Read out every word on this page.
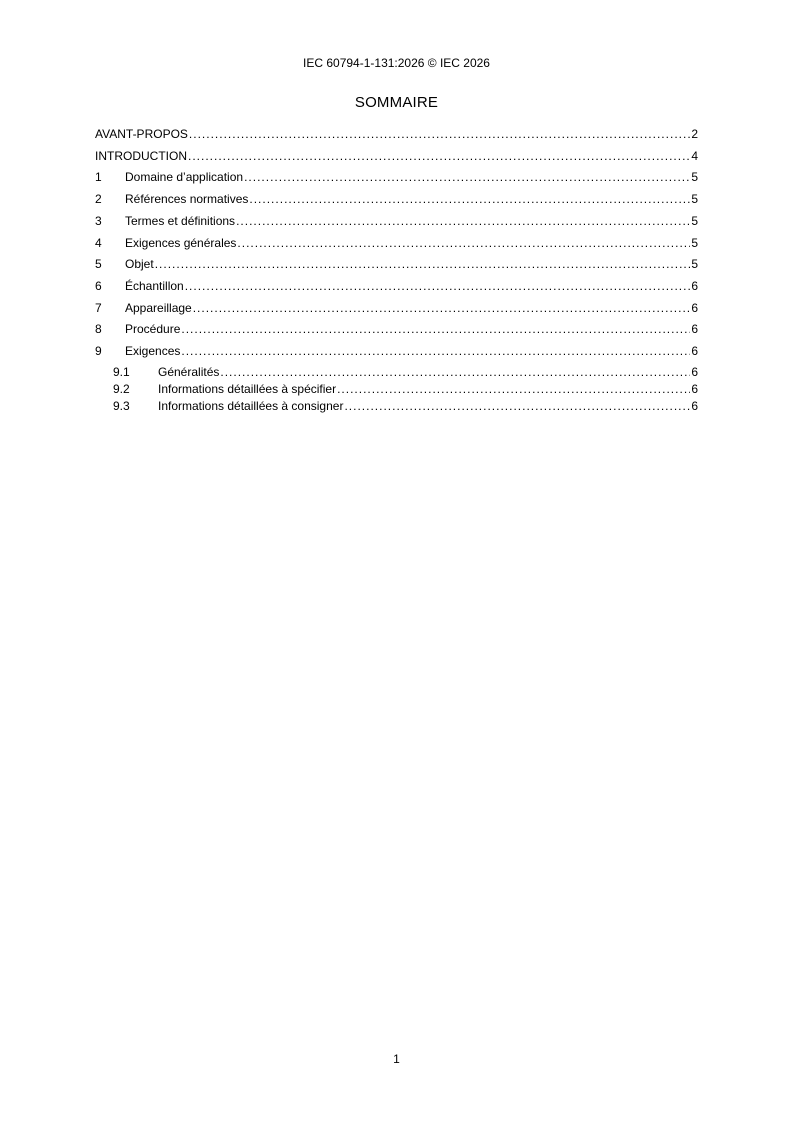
IEC 60794-1-131:2026 © IEC 2026
SOMMAIRE
AVANT-PROPOS .....	2
INTRODUCTION .....	4
1	Domaine d’application .....	5
2	Références normatives .....	5
3	Termes et définitions .....	5
4	Exigences générales .....	5
5	Objet .....	5
6	Échantillon .....	6
7	Appareillage .....	6
8	Procédure .....	6
9	Exigences .....	6
9.1	Généralités .....	6
9.2	Informations détaillées à spécifier .....	6
9.3	Informations détaillées à consigner .....	6
1
